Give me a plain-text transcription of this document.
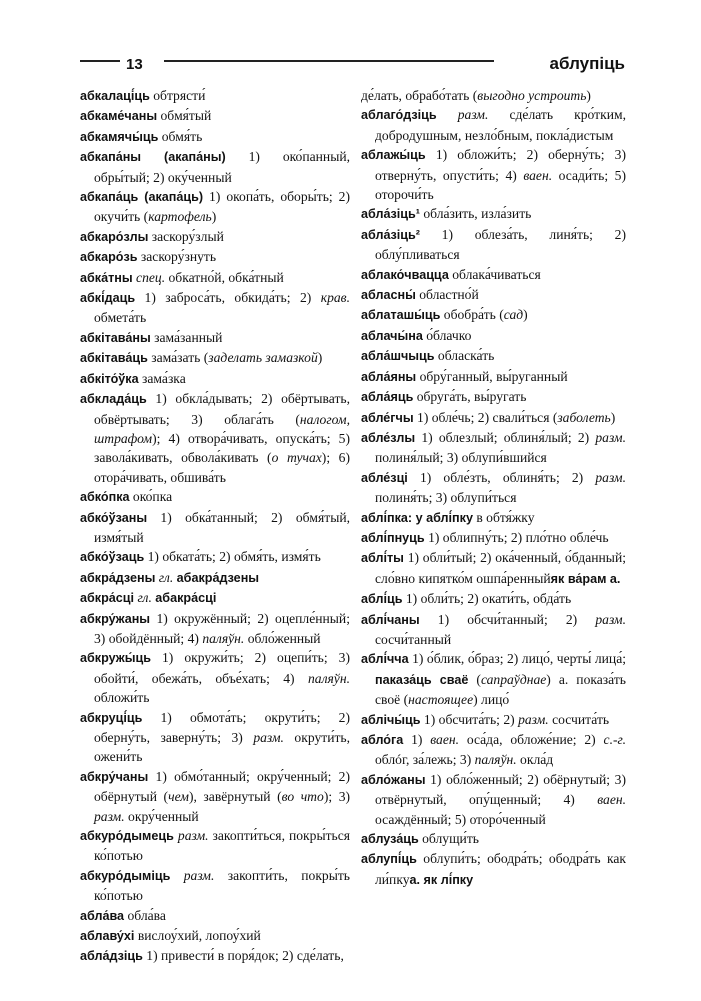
13	аблупіць

абкалаці́ць обтрясти́

абкаме́чаны обмя́тый

абкамячы́ць обмя́ть

абкапа́ны (акапа́ны) 1) око́панный, обры́тый; 2) оку́ченный

абкапа́ць (акапа́ць) 1) окопа́ть, оборы́ть; 2) окучи́ть (картофель)

абкаро́злы заскору́злый

абкаро́зь заскору́знуть

абка́тны спец. обкатно́й, обка́тный

абкі́даць 1) заброса́ть, обкида́ть; 2) крав. обмета́ть

абкітава́ны зама́занный

абкітава́ць зама́зать (заделать замазкой)

абкіто́ўка зама́зка

абклада́ць 1) обкла́дывать; 2) обёртывать, обвёртывать; 3) облага́ть (налогом, штрафом); 4) отвора́чивать, опуска́ть; 5) завола́кивать, обвола́кивать (о тучах); 6) отора́чивать, обшива́ть

абко́пка око́пка

абко́ўзаны 1) обка́танный; 2) обмя́тый, измя́тый

абко́ўзаць 1) обката́ть; 2) обмя́ть, измя́ть

абкра́дзены гл. абакра́дзены

абкра́сці гл. абакра́сці

абкру́жаны 1) окружённый; 2) оцепле́нный; 3) обойдённый; 4) паляўн. обло́женный

абкружы́ць 1) окружи́ть; 2) оцепи́ть; 3) обойти́, обежа́ть, объе́хать; 4) паляўн. обложи́ть

абкруці́ць 1) обмота́ть; окрути́ть; 2) оберну́ть, заверну́ть; 3) разм. окрути́ть, ожени́ть

абкру́чаны 1) обмо́танный; окру́ченный; 2) обёрнутый (чем), завёрнутый (во что); 3) разм. окру́ченный

абкуро́дымець разм. закопти́ться, покры́ться ко́потью

абкуро́дыміць разм. закопти́ть, покры́ть ко́потью

абла́ва обла́ва

аблаву́хі вислоу́хий, лопоу́хий

абла́дзіць 1) привести́ в поря́док; 2) сде́лать,

де́лать, обрабо́тать (выгодно устроить)

аблаго́дзіць разм. сде́лать кро́тким, добродушным, незло́бным, покла́дистым

аблажы́ць 1) обложи́ть; 2) оберну́ть; 3) отверну́ть, опусти́ть; 4) ваен. осади́ть; 5) оторочи́ть

абла́зіць¹ обла́зить, изла́зить

абла́зіць² 1) облеза́ть, линя́ть; 2) облу́пливаться

аблако́чвацца облака́чиваться

абласны́ областно́й

аблаташы́ць обобра́ть (сад)

аблачы́на о́блачко

абла́шчыць обласка́ть

абла́яны обру́ганный, вы́руганный

абла́яць обруга́ть, вы́ругать

абле́гчы 1) обле́чь; 2) свали́ться (заболеть)

абле́злы 1) облезлый; облиня́лый; 2) разм. полиня́лый; 3) облупи́вшийся

абле́зці 1) обле́зть, облиня́ть; 2) разм. полиня́ть; 3) облупи́ться

аблі́пка: у аблі́пку в обтя́жку

аблі́пнуць 1) облипну́ть; 2) пло́тно обле́чь

аблі́ты 1) обли́тый; 2) ока́ченный, о́бданный; сло́вно кипятко́м ошпа́ренныйяк ва́рам а.

аблі́ць 1) обли́ть; 2) окати́ть, обда́ть

аблі́чаны 1) обсчи́танный; 2) разм. сосчи́танный

аблі́чча 1) о́блик, о́браз; 2) лицо́, черты́ лица́; паказа́ць сваё (сапраўднае) а. показа́ть своё (настоящее) лицо́

аблічы́ць 1) обсчита́ть; 2) разм. сосчита́ть

абло́га 1) ваен. оса́да, обложе́ние; 2) с.-г. облóг, за́лежь; 3) паляўн. окла́д

абло́жаны 1) обло́женный; 2) обёрнутый; 3) отвёрнутый, опу́щенный; 4) ваен. осаждённый; 5) оторо́ченный

аблуза́ць облущи́ть

аблупі́ць облупи́ть; ободра́ть; ободра́ть как ли́пкуа. як лі́пку
